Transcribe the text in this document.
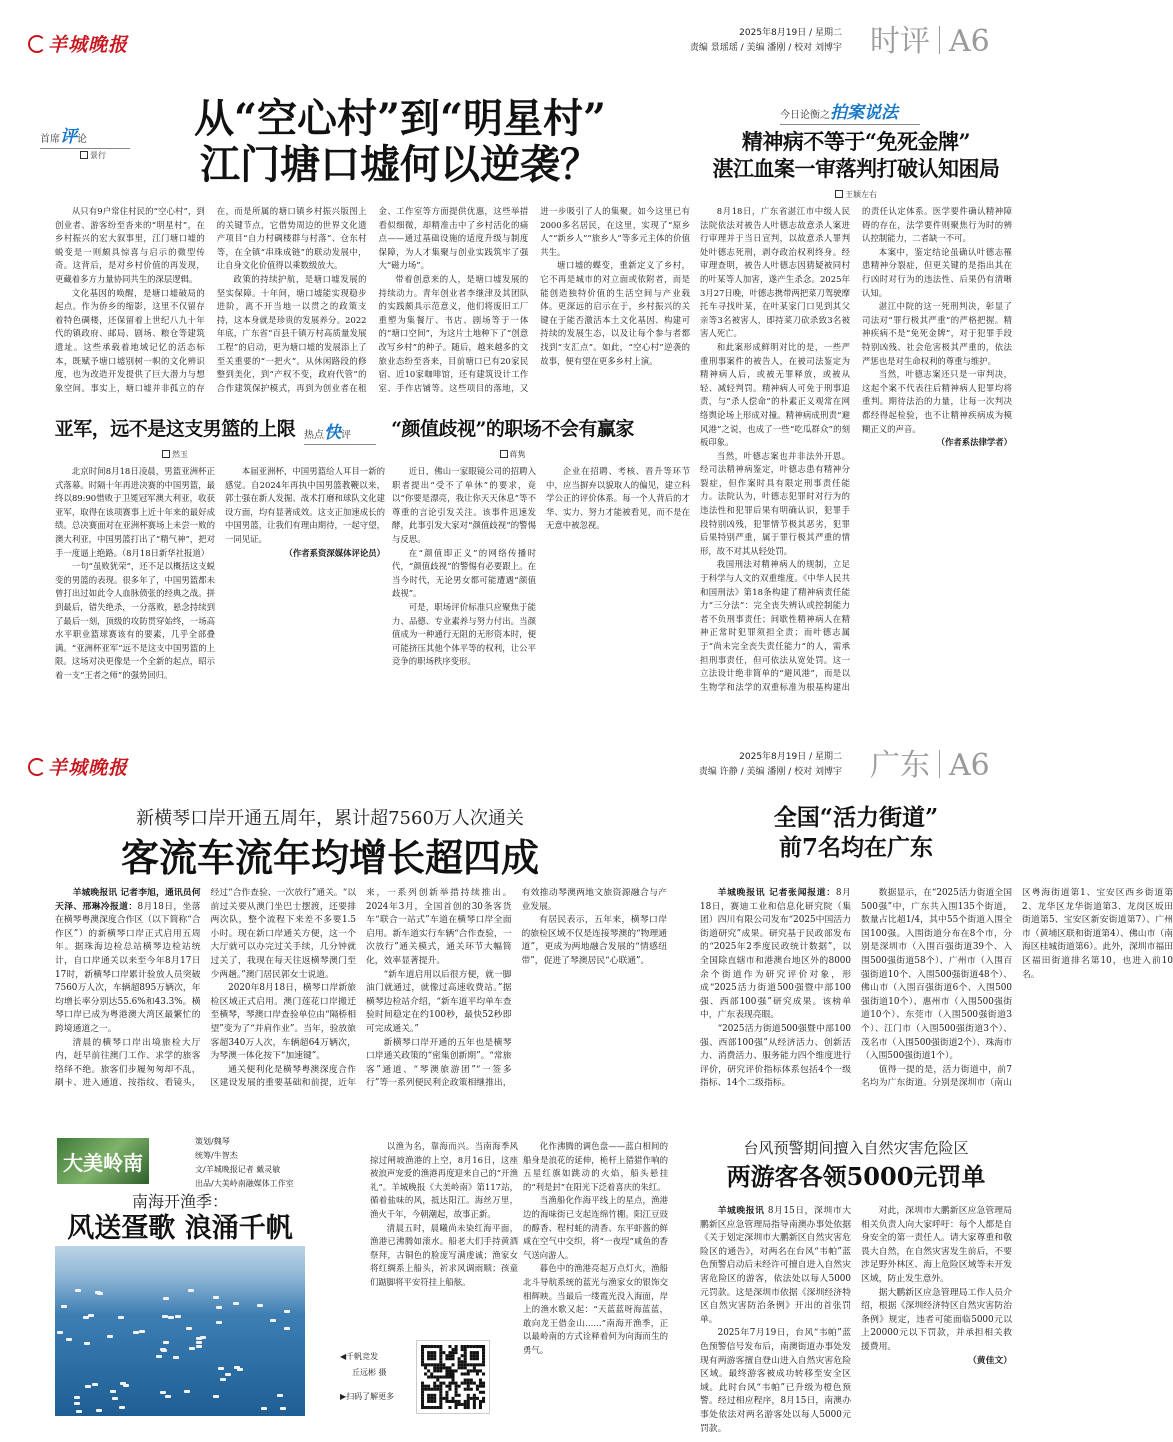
羊城晚报
2025年8月19日 / 星期二
责编 景瑶瑶 / 美编 潘刚 / 校对 刘博宇 时评 A6
首席评论
景行
从“空心村”到“明星村”
江门塘口墟何以逆袭？

从只有9户常住村民的“空心村”，到创业者、游客纷至沓来的“明星村”，在乡村振兴的宏大叙事里，江门塘口墟的蜕变是一则颇具惊喜与启示的微型传奇。这背后，是对乡村价值的再发现，更藏着多方力量协同共生的深层逻辑。

文化基因的唤醒，是塘口墟破局的起点。作为侨乡的缩影，这里不仅留存着特色碉楼，还保留着上世纪八九十年代的镇政府、邮局、剧场、粮仓等建筑遗址。这些承载着地域记忆的活态标本，既赋予塘口墟别树一帜的文化辨识度，也为改造开发提供了巨大潜力与想象空间。事实上，塘口墟并非孤立的存在，而是所属的塘口镇乡村振兴版图上的关键节点，它借势周边的世界文化遗产项目“自力村碉楼群与村落”、仓东村等，在全镇“串珠成链”的联动发展中，让自身文化价值得以乘数级放大。

政策的持续护航，是塘口墟发展的坚实保障。十年间，塘口墟能实现稳步进阶，离不开当地一以贯之的政策支持，这本身就是珍贵的发展养分。2022年底，广东省“百县千镇万村高质量发展工程”的启动，更为塘口墟的发展添上了至关重要的“一把火”。从休闲路段的修整到美化，到“产权不变，政府代管”的合作建筑保护模式，再到为创业者在租金、工作室等方面提供优惠，这些举措看似细微，却精准击中了乡村活化的痛点——通过基础设施的适度升级与制度保障，为人才集聚与创业实践筑牢了强大“磁力场”。

带着创意来的人，是塘口墟发展的持续动力。青年创业者李继津及其团队的实践颇具示范意义，他们将废旧工厂重塑为集餐厅、书店、剧场等于一体的“塘口空间”，为这片土地种下了“创意改写乡村”的种子。随后，越来越多的文旅业态纷至沓来，目前塘口已有20家民宿、近10家咖啡馆，还有建筑设计工作室、手作店铺等。这些项目的落地，又进一步吸引了人的集聚。如今这里已有2000多名居民，在这里，实现了“原乡人”“新乡人”“旅乡人”等多元主体的价值共生。

塘口墟的蝶变，重新定义了乡村，它不再是城市的对立面或依附者，而是能创造独特价值的生活空间与产业载体。更深远的启示在于，乡村振兴的关键在于能否激活本土文化基因、构建可持续的发展生态，以及让每个参与者都找到“支汇点”。如此，“空心村”逆袭的故事，便有望在更多乡村上演。

今日论衡之拍案说法
精神病不等于“免死金牌”
湛江血案一审落判打破认知困局
王颖左右

8月18日，广东省湛江市中级人民法院依法对被告人叶德志故意杀人案进行审理并于当日宣判，以故意杀人罪判处叶德志死刑，剥夺政治权利终身。经审理查明，被告人叶德志因猜疑被同村的叶某等人加害，遂产生杀念。2025年3月27日晚，叶德志携带两把菜刀驾驶摩托车寻找叶某，在叶某家门口见到其父亲等3名被害人，即持菜刀砍杀致3名被害人死亡。

和此案形成鲜明对比的是，一些严重刑事案件的被告人，在被司法鉴定为精神病人后，或被无罪释放，或被从轻、减轻判罚。精神病人可免于刑事追责，与“杀人偿命”的朴素正义观常在网络舆论场上形成对撞。精神病成刑责“避风港”之说，也成了一些“吃瓜群众”的刻板印象。

当然，叶德志案也并非法外开恩。经司法精神病鉴定，叶德志患有精神分裂症，但作案时具有限定刑事责任能力。法院认为，叶德志犯罪时对行为的违法性和犯罪后果有明确认识，犯罪手段特别凶残，犯罪情节极其恶劣，犯罪后果特别严重，属于罪行极其严重的情形，故不对其从轻处罚。

我国刑法对精神病人的规制，立足于科学与人文的双重维度。《中华人民共和国刑法》第18条构建了精神病责任能力“三分法”：完全丧失辨认或控制能力者不负刑事责任；间歇性精神病人在精神正常时犯罪须担全责；而叶德志属于“尚未完全丧失责任能力”的人，需承担刑事责任，但可依法从宽处罚。这一立法设计绝非简单的“避风港”，而是以生物学和法学的双重标准为根基构建出的责任认定体系。医学要件确认精神障碍的存在，法学要件则聚焦行为时的辨认控制能力，二者缺一不可。

本案中，鉴定结论虽确认叶德志罹患精神分裂症，但更关键的是指出其在行凶时对行为的违法性、后果仍有清晰认知。

湛江中院的这一死刑判决，彰显了司法对“罪行极其严重”的严格把握。精神疾病不是“免死金牌”，对于犯罪手段特别凶残、社会危害极其严重的，依法严惩也是对生命权利的尊重与维护。

当然，叶德志案还只是一审判决，这起个案不代表往后精神病人犯罪均将重判。期待法治的力量，让每一次判决都经得起检验，也不让精神疾病成为模糊正义的声音。

（作者系法律学者）

亚军，远不是这支男篮的上限
然玉
热点快评	“颜值歧视”的职场不会有赢家
蒋隽

北京时间8月18日凌晨，男篮亚洲杯正式落幕。时隔十年再进决赛的中国男篮，最终以89:90惜败于卫冕冠军澳大利亚，收获亚军，取得在该项赛事上近十年来的最好成绩。总决赛面对在亚洲杯赛场上未尝一败的澳大利亚，中国男篮打出了“精气神”，把对手一度逼上绝路。（8月18日新华社报道）

一句“虽败犹荣”，还不足以概括这支蜕变的男篮的表现。很多年了，中国男篮都未曾打出过如此令人血脉偾张的经典之战。拼到最后，错失绝杀，一分落败，悬念持续到了最后一刻，顶级的攻防贯穿始终，一场高水平职业篮球赛该有的要素，几乎全部叠满。“亚洲杯亚军”远不是这支中国男篮的上限。这场对决更像是一个全新的起点，昭示着一支“王者之师”的强势回归。

本届亚洲杯，中国男篮给人耳目一新的感觉。自2024年再执中国男篮教鞭以来，郭士强在新人发掘、战术打磨和球队文化建设方面，均有显著成效。这支正加速成长的中国男篮，让我们有理由期待，一起守望，一同见证。

（作者系资深媒体评论员）

近日，佛山一家眼镜公司的招聘入职者提出“受不了单休”的要求，竟以“你要是漂亮，我让你天天休息”等不尊重的言论引发关注。该事件迅速发酵，此事引发大家对“颜值歧视”的警惕与反思。

在“颜值即正义”的网络传播时代，“颜值歧视”的警惕有必要跟上。在当今时代，无论男女都可能遭遇“颜值歧视”。

可是，职场评价标准只应聚焦于能力、品德、专业素养与努力付出。当颜值成为一种通行无阻的无形资本时，便可能挤压其他个体平等的权利，让公平竞争的职场秩序变形。

企业在招聘、考核、晋升等环节中，应当摒弃以貌取人的偏见，建立科学公正的评价体系。每一个人背后的才华、实力、努力才能被看见，而不是在无意中被忽视。

羊城晚报	2025年8月19日 / 星期二
责编 许静 / 美编 潘刚 / 校对 刘博宇 广东 A6
新横琴口岸开通五周年，累计超7560万人次通关
客流车流年均增长超四成

羊城晚报讯 记者李旭，通讯员何天泽、邢琳冷报道：8月18日，坐落在横琴粤澳深度合作区（以下简称“合作区”）的新横琴口岸正式启用五周年。据珠海边检总站横琴边检站统计，自口岸通关以来至今年8月17日17时，新横琴口岸累计验放人员突破7560万人次，车辆超895万辆次，年均增长率分别达55.6%和43.3%。横琴口岸已成为粤港澳大湾区最繁忙的跨境通道之一。

清晨的横琴口岸出境旅检大厅内，赶早前往澳门工作、求学的旅客络绎不绝。旅客们步履匆匆却不乱，刷卡、进入通道、按指纹、看镜头，经过“合作查验、一次放行”通关。“以前过关要从澳门坐巴士摆渡，还要排两次队，整个流程下来差不多要1.5小时。现在新口岸通关方便，这一个大厅就可以办完过关手续，几分钟就过关了，我现在每天往返横琴澳门至少两趟。”澳门居民郭女士说道。

2020年8月18日，横琴口岸新旅检区域正式启用。澳门莲花口岸搬迁至横琴，琴澳口岸查验单位由“隔桥相望”变为了“并肩作业”。当年，验放旅客超340万人次，车辆超64万辆次，为琴澳一体化按下“加速键”。

通关便利化是横琴粤澳深度合作区建设发展的重要基础和前提，近年来，一系列创新举措持续推出。2024年3月，全国首创的30条客货车“联合一站式”车道在横琴口岸全面启用。新车道实行车辆“合作查验，一次放行”通关模式，通关环节大幅简化，效率显著提升。

“新车道启用以后很方便，就一脚油门就通过，就像过高速收费站。”据横琴边检站介绍，“新车道平均单车查验时间稳定在约100秒，最快52秒即可完成通关。”

新横琴口岸开通的五年也是横琴口岸通关政策的“密集创新期”。“常旅客”通道、“琴澳旅游团”“一签多行”等一系列便民利企政策相继推出，有效推动琴澳两地文旅资源融合与产业发展。

有居民表示，五年来，横琴口岸的旅检区域不仅是连接琴澳的“物理通道”，更成为两地融合发展的“情感纽带”，促进了琴澳居民“心联通”。

全国“活力街道”
前7名均在广东

羊城晚报讯 记者张闻报道：8月18日，赛迪工业和信息化研究院（集团）四川有限公司发布“2025中国活力街道研究”成果。研究基于民政部发布的“2025年2季度民政统计数据”，以全国除直辖市和港澳台地区外的8000余个街道作为研究评价对象，形成“2025活力街道500强暨中部100强、西部100强”研究成果。该榜单中，广东表现亮眼。

“2025活力街道500强暨中部100强、西部100强”从经济活力、创新活力、消费活力、服务能力四个维度进行评价，研究评价指标体系包括4个一级指标、14个二级指标。

数据显示，在“2025活力街道全国500强”中，广东共入围135个街道，数量占比超1/4，其中55个街道入围全国100强。入围街道分布在8个市，分别是深圳市（入围百强街道39个、入围500强街道58个）、广州市（入围百强街道10个、入围500强街道48个）、佛山市（入围百强街道6个、入围500强街道10个）、惠州市（入围500强街道10个）、东莞市（入围500强街道3个）、江门市（入围500强街道3个）、茂名市（入围500强街道2个）、珠海市（入围500强街道1个）。

值得一提的是，活力街道中，前7名均为广东街道。分别是深圳市（南山区粤海街道第1、宝安区西乡街道第2、龙华区龙华街道第3、龙岗区坂田街道第5、宝安区新安街道第7）、广州市（黄埔区联和街道第4）、佛山市（南海区桂城街道第6）。此外，深圳市福田区福田街道排名第10，也进入前10名。

大美岭南
策划/魏琴
统筹/牛智杰
文/羊城晚报记者 戴灵敏
出品/大美岭南融媒体工作室
南海开渔季：
风送疍歌 浪涌千帆
◀千帆竞发
丘远彬 摄
▶扫码了解更多

以渔为名，靠海而兴。当南海季风掠过闸坡渔港的上空，8月16日，这座被浪声宠爱的渔港再度迎来自己的“开渔礼”。羊城晚报《大美岭南》第117站，循着盐味的风，抵达阳江。海丝万里，渔火千年，今朝潮起，故事正新。

清晨五时，晨曦尚未染红海平面，渔港已沸腾如滚水。船老大们手持黄酒祭拜，古铜色的脸庞写满虔诚；渔家女将红绸系上船头，祈求风调雨顺；孩童们踮脚将平安符挂上船舷。

化作沸腾的调色盘——蓝白相间的船身是浪花的延伸，桅杆上猎猎作响的五星红旗如跳动的火焰，船头悬挂的“利是封”在阳光下泛着喜庆的朱红。

当渔船化作海平线上的星点，渔港边的海味街已支起连绵竹棚。阳江豆豉的醇香、程村蚝的清香、东平虾酱的鲜咸在空气中交织，将“一夜埕”咸鱼的香气送向游人。

暮色中的渔港亮起万点灯火，渔船北斗导航系统的蓝光与渔家女的银饰交相辉映。当最后一缕霞光没入海面，岸上的渔水歌又起：“天蓝蓝呀海蓝蓝，敢向龙王借金山……”南海开渔季，正以最岭南的方式诠释着何为向海而生的勇气。

台风预警期间擅入自然灾害危险区
两游客各领5000元罚单

羊城晚报讯 8月15日，深圳市大鹏新区应急管理局指导南澳办事处依据《关于划定深圳市大鹏新区自然灾害危险区的通告》，对两名在台风“韦帕”蓝色预警启动后未经许可擅自进入自然灾害危险区的游客，依法处以每人5000元罚款。这是深圳市依据《深圳经济特区自然灾害防治条例》开出的首张罚单。

2025年7月19日，台风“韦帕”蓝色预警信号发布后，南澳街道办事处发现有两游客擅自登山进入自然灾害危险区域。最终游客被成功转移至安全区域。此时台风“韦帕”已升级为橙色预警。经过相应程序，8月15日，南澳办事处依法对两名游客处以每人5000元罚款。

对此，深圳市大鹏新区应急管理局相关负责人向大家呼吁：每个人都是自身安全的第一责任人。请大家尊重和敬畏大自然，在自然灾害发生前后，不要涉足野外林区、海上危险区域等未开发区域，防止发生意外。

据大鹏新区应急管理局工作人员介绍，根据《深圳经济特区自然灾害防治条例》规定，违者可能面临5000元以上20000元以下罚款，并承担相关救援费用。

（黄佳文）
